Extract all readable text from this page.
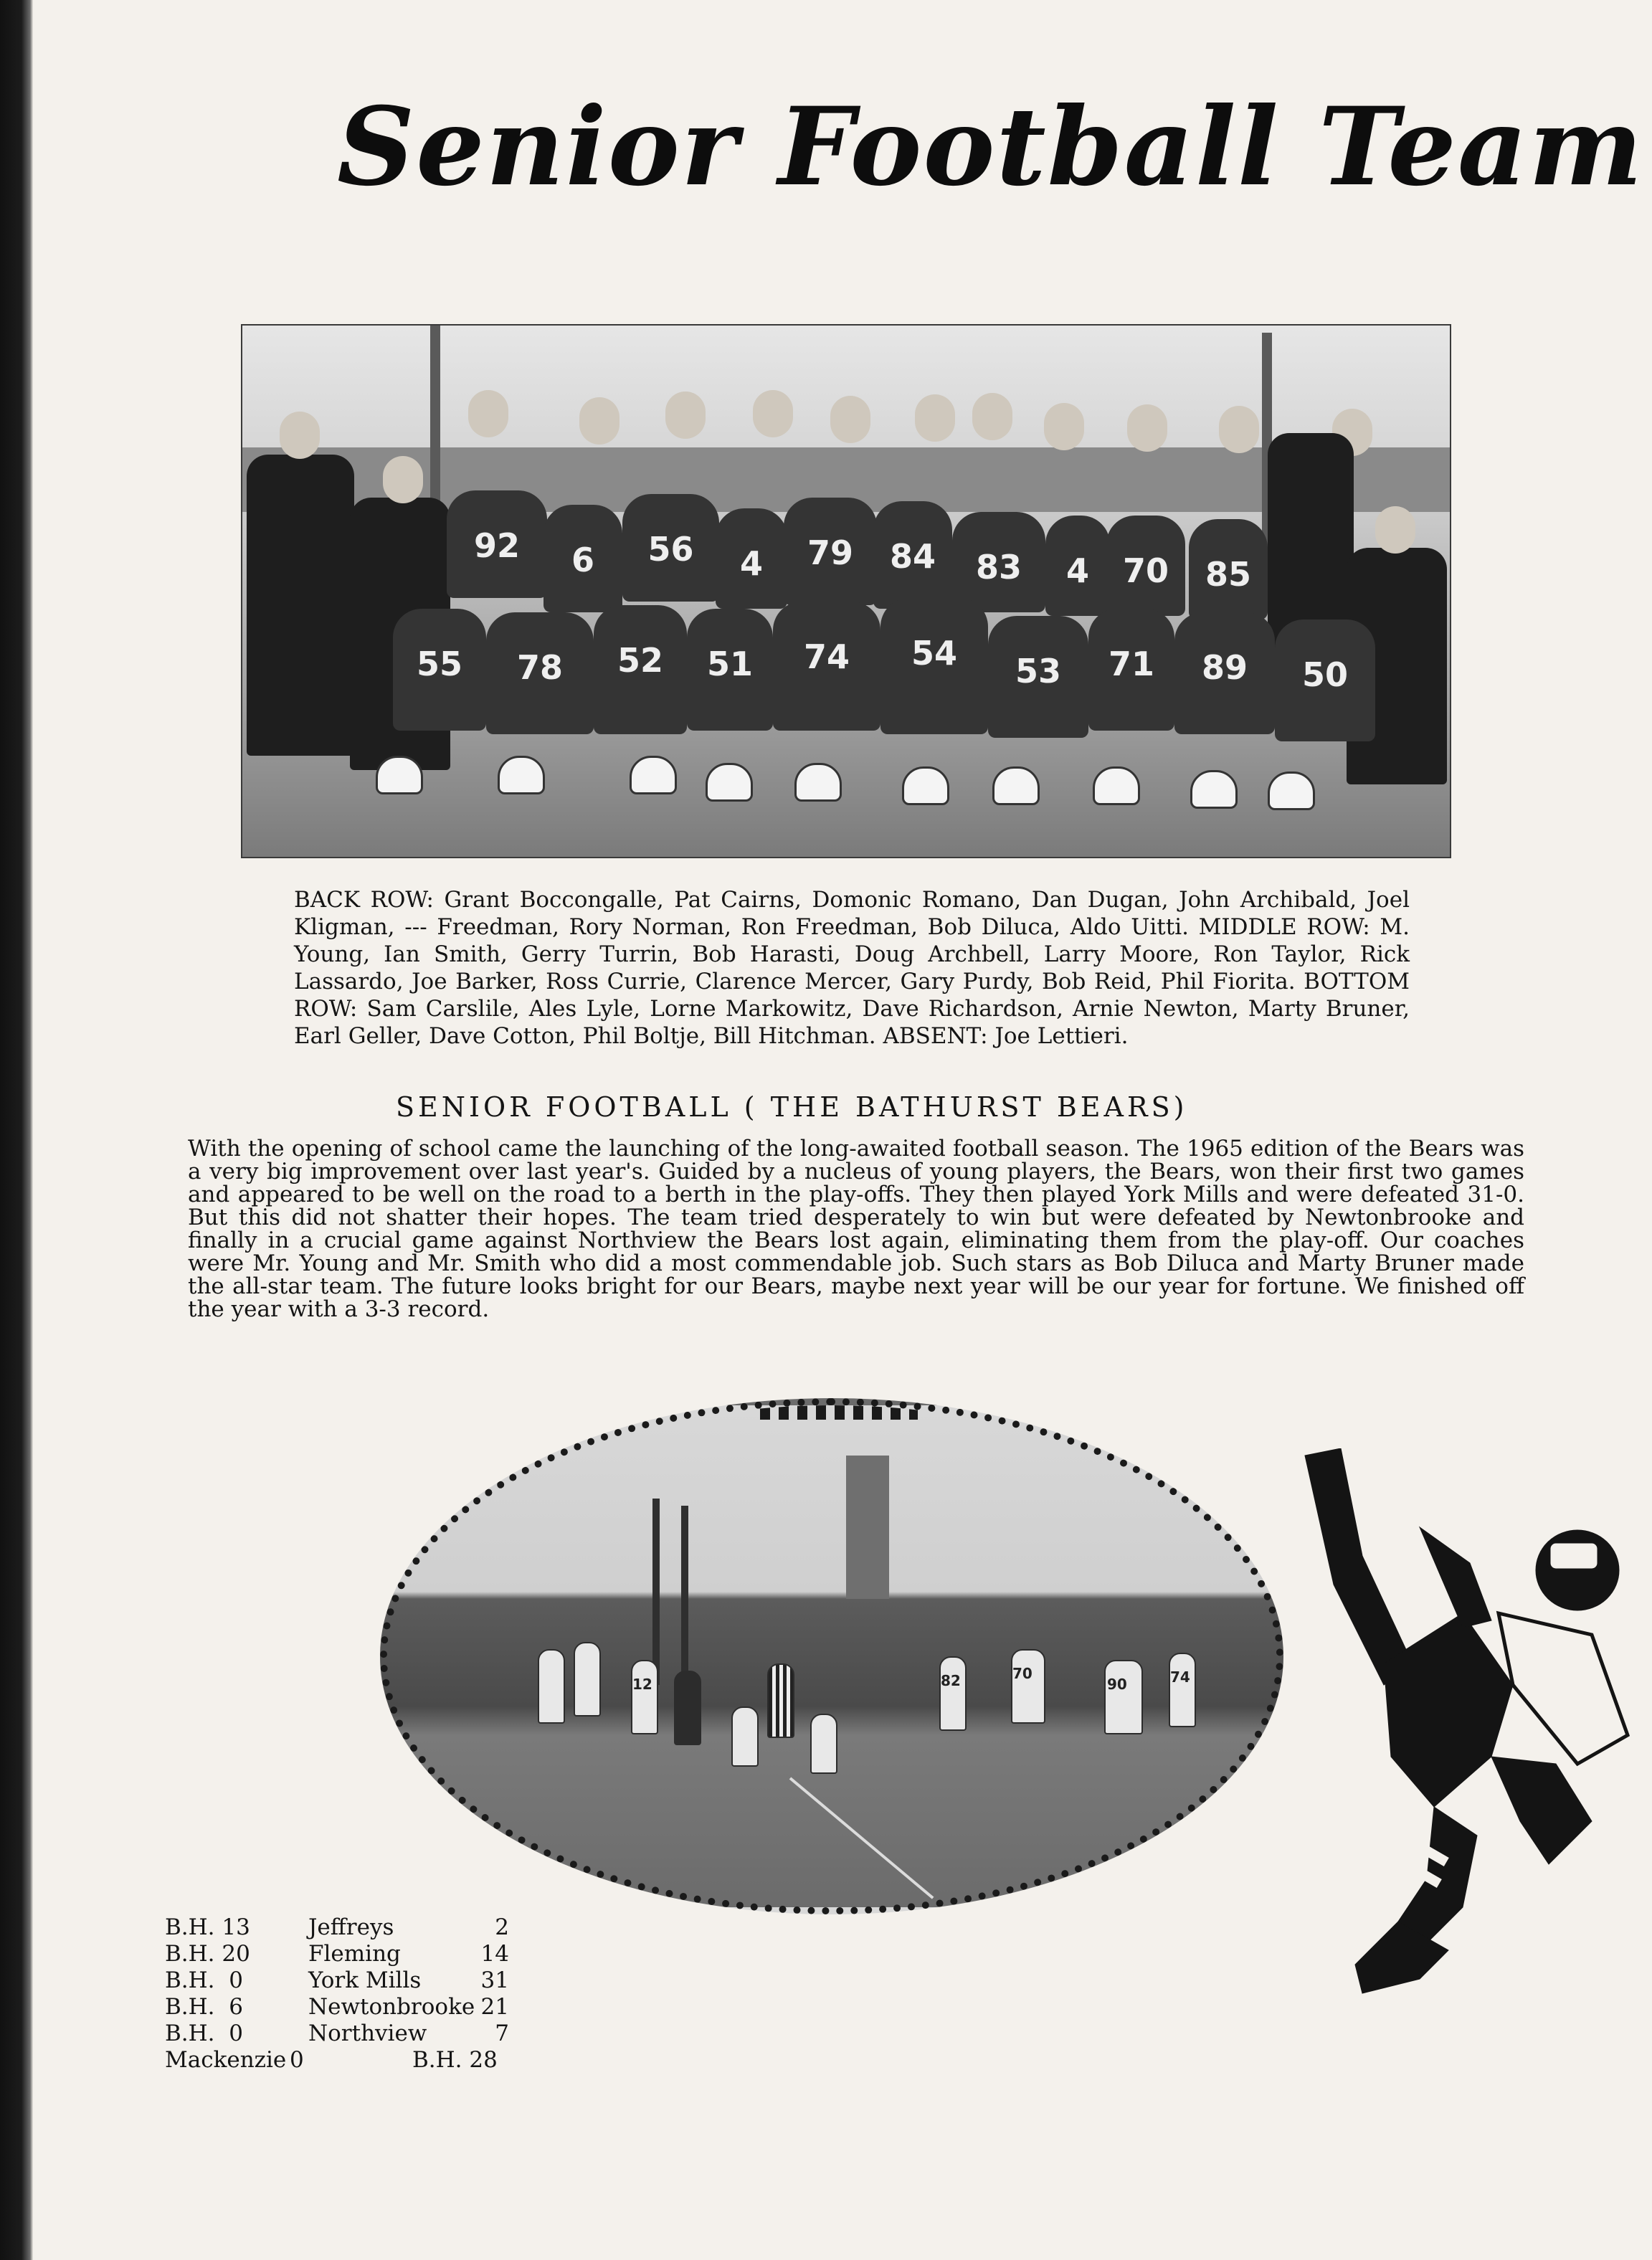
Senior Football Team
92	6	56	4	79	84	83	4	70	85
55	78	52	51	74	54	53	71	89	50
BACK ROW: Grant Boccongalle, Pat Cairns, Domonic Romano, Dan Dugan, John Archibald, Joel Kligman, --- Freedman, Rory Norman, Ron Freedman, Bob Diluca, Aldo Uitti. MIDDLE ROW: M. Young, Ian Smith, Gerry Turrin, Bob Harasti, Doug Archbell, Larry Moore, Ron Taylor, Rick Lassardo, Joe Barker, Ross Currie, Clarence Mercer, Gary Purdy, Bob Reid, Phil Fiorita. BOTTOM ROW: Sam Carslile, Ales Lyle, Lorne Markowitz, Dave Richardson, Arnie Newton, Marty Bruner, Earl Geller, Dave Cotton, Phil Boltje, Bill Hitchman. ABSENT: Joe Lettieri.
SENIOR FOOTBALL ( THE BATHURST BEARS)
With the opening of school came the launching of the long-awaited football season. The 1965 edition of the Bears was a very big improvement over last year's. Guided by a nucleus of young players, the Bears, won their first two games and appeared to be well on the road to a berth in the play-offs. They then played York Mills and were defeated 31-0. But this did not shatter their hopes. The team tried desperately to win but were defeated by Newtonbrooke and finally in a crucial game against Northview the Bears lost again, eliminating them from the play-off. Our coaches were Mr. Young and Mr. Smith who did a most commendable job. Such stars as Bob Diluca and Marty Bruner made the all-star team. The future looks bright for our Bears, maybe next year will be our year for fortune. We finished off the year with a 3-3 record.
12	82	70
90	74
B.H. 13	Jeffreys	2
B.H. 20	Fleming	14
B.H.  0	York Mills	31
B.H.  6	Newtonbrooke 21
B.H.  0	Northview	7
Mackenzie 0	B.H. 28
